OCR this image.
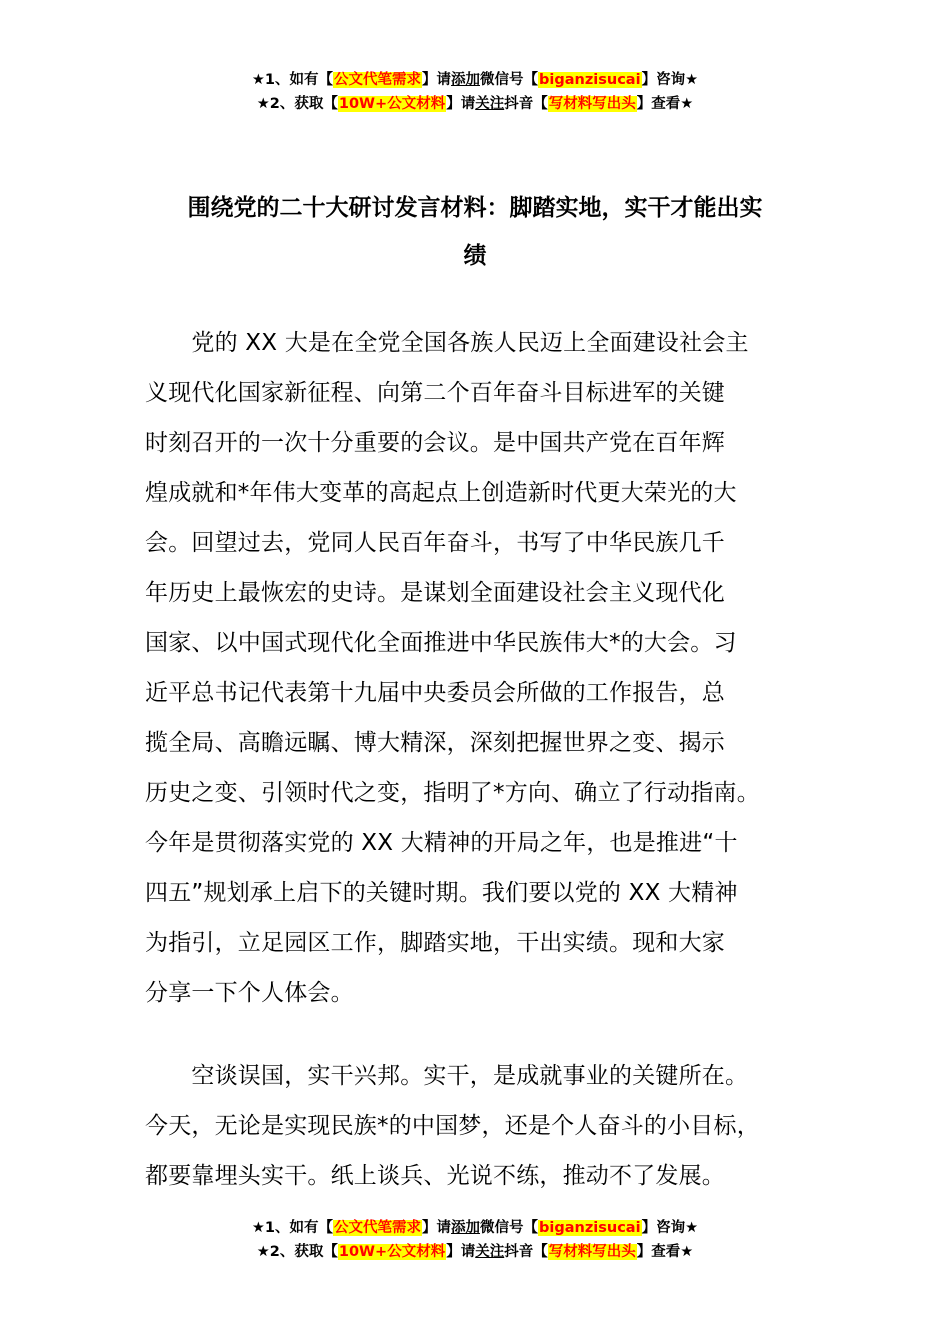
★1、如有【公文代笔需求】请添加微信号【biganzisucai】咨询★
★2、获取【10W+公文材料】请关注抖音【写材料写出头】查看★
围绕党的二十大研讨发言材料：脚踏实地，实干才能出实
绩
　　党的 XX 大是在全党全国各族人民迈上全面建设社会主
义现代化国家新征程、向第二个百年奋斗目标进军的关键
时刻召开的一次十分重要的会议。是中国共产党在百年辉
煌成就和*年伟大变革的高起点上创造新时代更大荣光的大
会。回望过去，党同人民百年奋斗，书写了中华民族几千
年历史上最恢宏的史诗。是谋划全面建设社会主义现代化
国家、以中国式现代化全面推进中华民族伟大*的大会。习
近平总书记代表第十九届中央委员会所做的工作报告，总
揽全局、高瞻远瞩、博大精深，深刻把握世界之变、揭示
历史之变、引领时代之变，指明了*方向、确立了行动指南。
今年是贯彻落实党的 XX 大精神的开局之年，也是推进“十
四五”规划承上启下的关键时期。我们要以党的 XX 大精神
为指引，立足园区工作，脚踏实地，干出实绩。现和大家
分享一下个人体会。
　　空谈误国，实干兴邦。实干，是成就事业的关键所在。
今天，无论是实现民族*的中国梦，还是个人奋斗的小目标，
都要靠埋头实干。纸上谈兵、光说不练，推动不了发展。
★1、如有【公文代笔需求】请添加微信号【biganzisucai】咨询★
★2、获取【10W+公文材料】请关注抖音【写材料写出头】查看★
